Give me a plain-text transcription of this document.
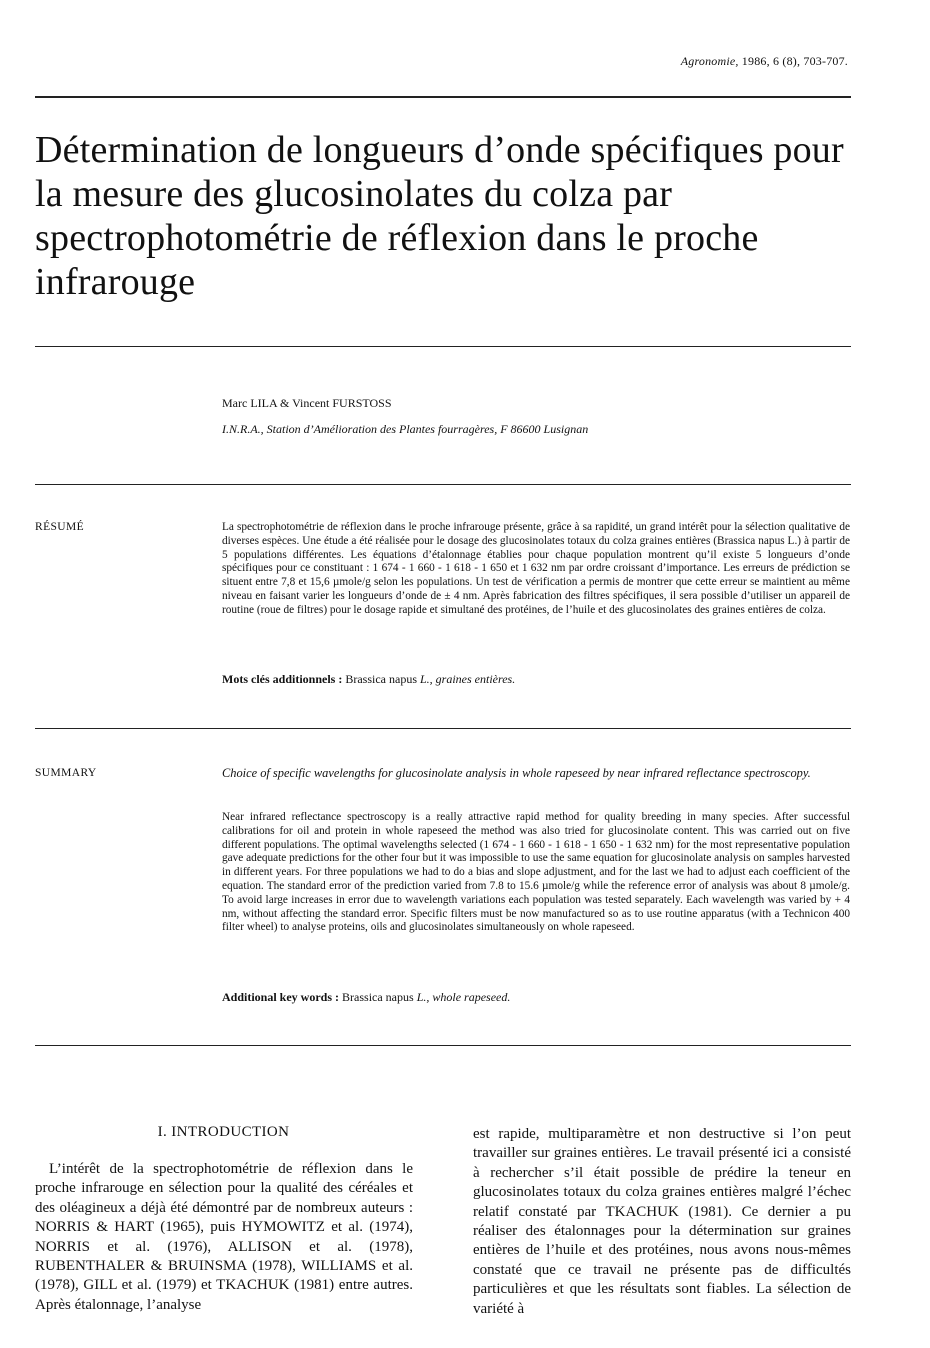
Agronomie, 1986, 6 (8), 703-707.
Détermination de longueurs d’onde spécifiques pour la mesure des glucosinolates du colza par spectrophotométrie de réflexion dans le proche infrarouge
Marc LILA & Vincent FURSTOSS
I.N.R.A., Station d’Amélioration des Plantes fourragères, F 86600 Lusignan
RÉSUMÉ	La spectrophotométrie de réflexion dans le proche infrarouge présente, grâce à sa rapidité, un grand intérêt pour la sélection qualitative de diverses espèces. Une étude a été réalisée pour le dosage des glucosinolates totaux du colza graines entières (Brassica napus L.) à partir de 5 populations différentes. Les équations d’étalonnage établies pour chaque population montrent qu’il existe 5 longueurs d’onde spécifiques pour ce constituant : 1 674 - 1 660 - 1 618 - 1 650 et 1 632 nm par ordre croissant d’importance. Les erreurs de prédiction se situent entre 7,8 et 15,6 µmole/g selon les populations. Un test de vérification a permis de montrer que cette erreur se maintient au même niveau en faisant varier les longueurs d’onde de ± 4 nm. Après fabrication des filtres spécifiques, il sera possible d’utiliser un appareil de routine (roue de filtres) pour le dosage rapide et simultané des protéines, de l’huile et des glucosinolates des graines entières de colza.

Mots clés additionnels : Brassica napus L., graines entières.
SUMMARY	Choice of specific wavelengths for glucosinolate analysis in whole rapeseed by near infrared reflectance spectroscopy.

Near infrared reflectance spectroscopy is a really attractive rapid method for quality breeding in many species. After successful calibrations for oil and protein in whole rapeseed the method was also tried for glucosinolate content. This was carried out on five different populations. The optimal wavelengths selected (1 674 - 1 660 - 1 618 - 1 650 - 1 632 nm) for the most representative population gave adequate predictions for the other four but it was impossible to use the same equation for glucosinolate analysis on samples harvested in different years. For three populations we had to do a bias and slope adjustment, and for the last we had to adjust each coefficient of the equation. The standard error of the prediction varied from 7.8 to 15.6 µmole/g while the reference error of analysis was about 8 µmole/g. To avoid large increases in error due to wavelength variations each population was tested separately. Each wavelength was varied by + 4 nm, without affecting the standard error. Specific filters must be now manufactured so as to use routine apparatus (with a Technicon 400 filter wheel) to analyse proteins, oils and glucosinolates simultaneously on whole rapeseed.

Additional key words : Brassica napus L., whole rapeseed.
I. INTRODUCTION

L’intérêt de la spectrophotométrie de réflexion dans le proche infrarouge en sélection pour la qualité des céréales et des oléagineux a déjà été démontré par de nombreux auteurs : NORRIS & HART (1965), puis HYMOWITZ et al. (1974), NORRIS et al. (1976), ALLISON et al. (1978), RUBENTHALER & BRUINSMA (1978), WILLIAMS et al. (1978), GILL et al. (1979) et TKACHUK (1981) entre autres. Après étalonnage, l’analyse

est rapide, multiparamètre et non destructive si l’on peut travailler sur graines entières. Le travail présenté ici a consisté à rechercher s’il était possible de prédire la teneur en glucosinolates totaux du colza graines entières malgré l’échec relatif constaté par TKACHUK (1981). Ce dernier a pu réaliser des étalonnages pour la détermination sur graines entières de l’huile et des protéines, nous avons nous-mêmes constaté que ce travail ne présente pas de difficultés particulières et que les résultats sont fiables. La sélection de variété à
